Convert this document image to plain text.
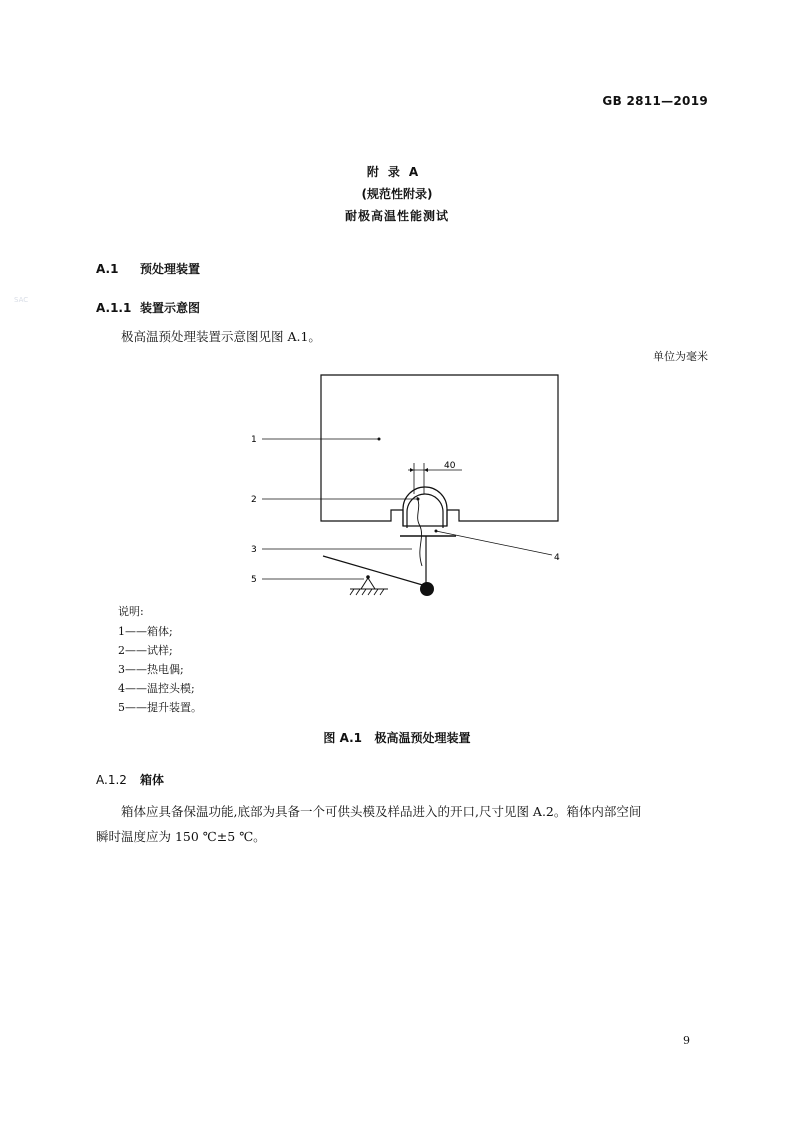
SAC
GB 2811—2019
附录A
(规范性附录)
耐极高温性能测试
A.1 预处理装置
A.1.1 装置示意图
极高温预处理装置示意图见图 A.1。
单位为毫米
40
1
2
3
4
5
说明:
1——箱体;
2——试样;
3——热电偶;
4——温控头模;
5——提升装置。
图 A.1   极高温预处理装置
A.1.2 箱体
箱体应具备保温功能,底部为具备一个可供头模及样品进入的开口,尺寸见图 A.2。箱体内部空间
瞬时温度应为 150 ℃±5 ℃。
9
